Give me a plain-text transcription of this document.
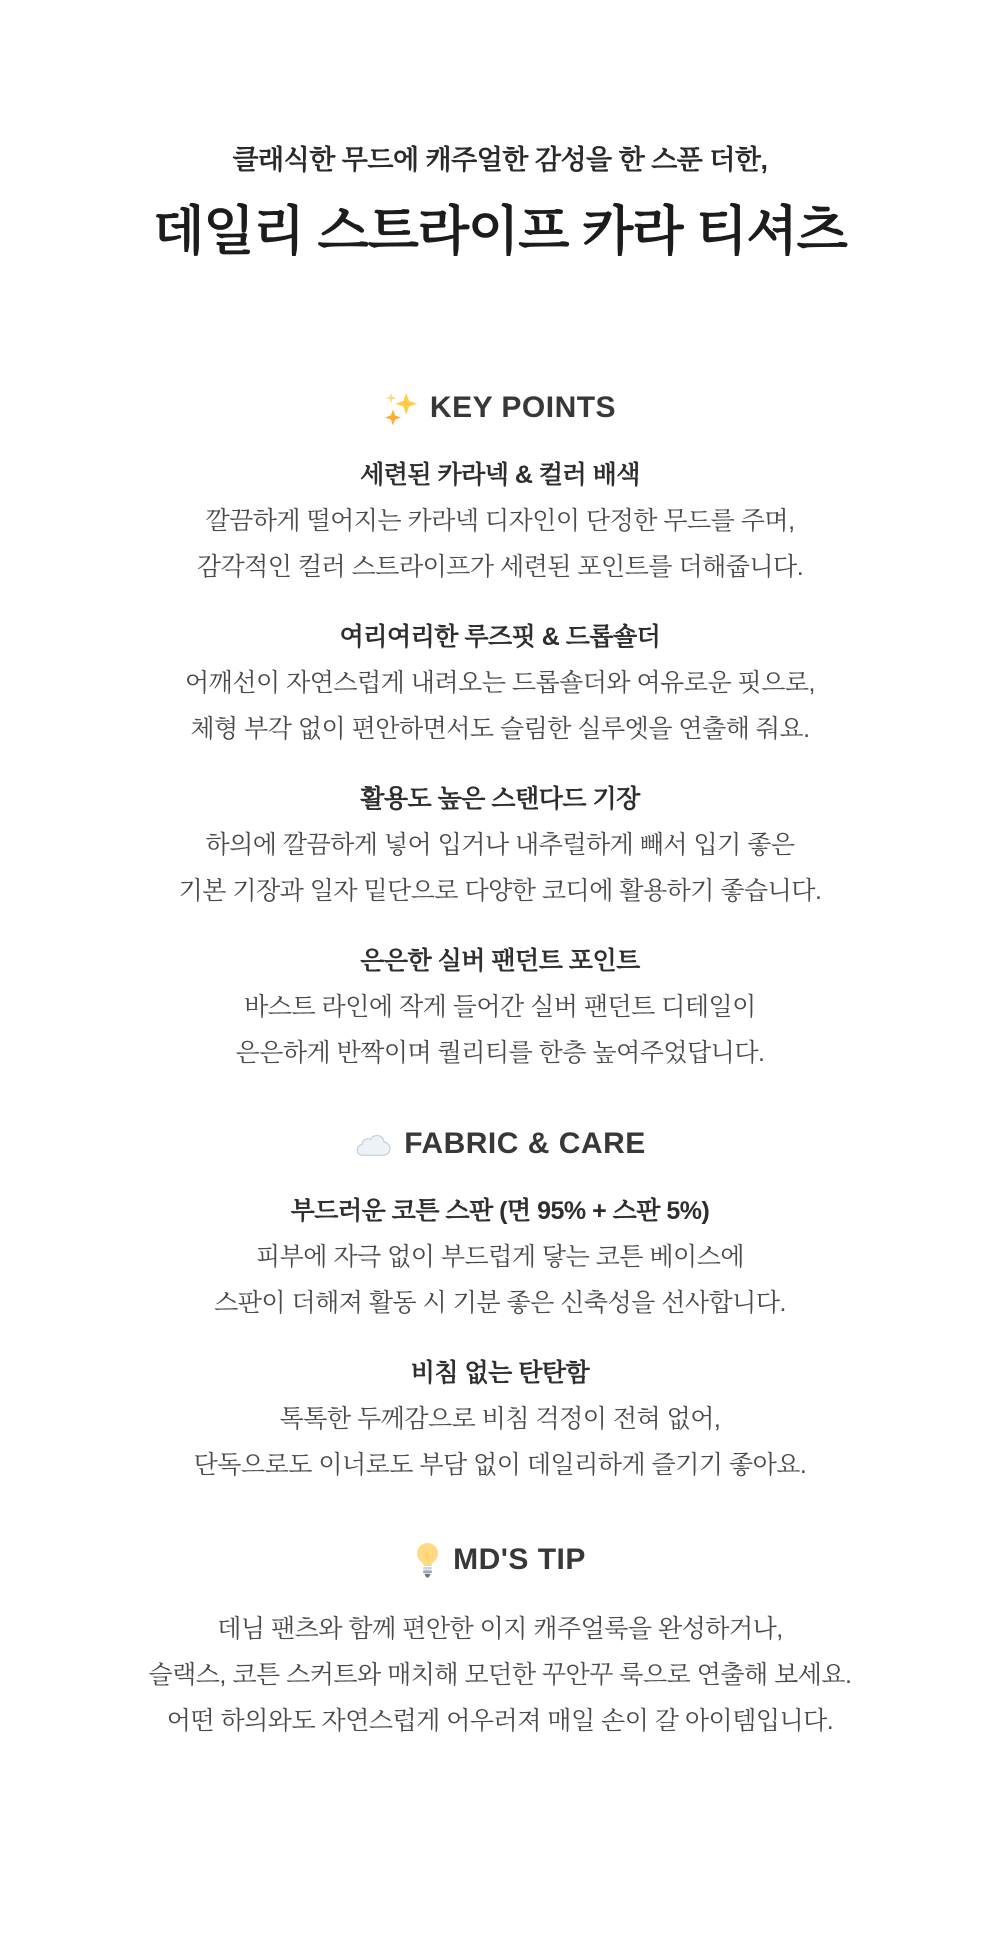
클래식한 무드에 캐주얼한 감성을 한 스푼 더한,

데일리 스트라이프 카라 티셔츠
KEY POINTS
세련된 카라넥 & 컬러 배색
깔끔하게 떨어지는 카라넥 디자인이 단정한 무드를 주며,
감각적인 컬러 스트라이프가 세련된 포인트를 더해줍니다.
여리여리한 루즈핏 & 드롭숄더
어깨선이 자연스럽게 내려오는 드롭숄더와 여유로운 핏으로,
체형 부각 없이 편안하면서도 슬림한 실루엣을 연출해 줘요.
활용도 높은 스탠다드 기장
하의에 깔끔하게 넣어 입거나 내추럴하게 빼서 입기 좋은
기본 기장과 일자 밑단으로 다양한 코디에 활용하기 좋습니다.
은은한 실버 팬던트 포인트
바스트 라인에 작게 들어간 실버 팬던트 디테일이
은은하게 반짝이며 퀄리티를 한층 높여주었답니다.
FABRIC & CARE
부드러운 코튼 스판 (면 95% + 스판 5%)
피부에 자극 없이 부드럽게 닿는 코튼 베이스에
스판이 더해져 활동 시 기분 좋은 신축성을 선사합니다.
비침 없는 탄탄함
톡톡한 두께감으로 비침 걱정이 전혀 없어,
단독으로도 이너로도 부담 없이 데일리하게 즐기기 좋아요.
MD'S TIP
데님 팬츠와 함께 편안한 이지 캐주얼룩을 완성하거나,
슬랙스, 코튼 스커트와 매치해 모던한 꾸안꾸 룩으로 연출해 보세요.
어떤 하의와도 자연스럽게 어우러져 매일 손이 갈 아이템입니다.
